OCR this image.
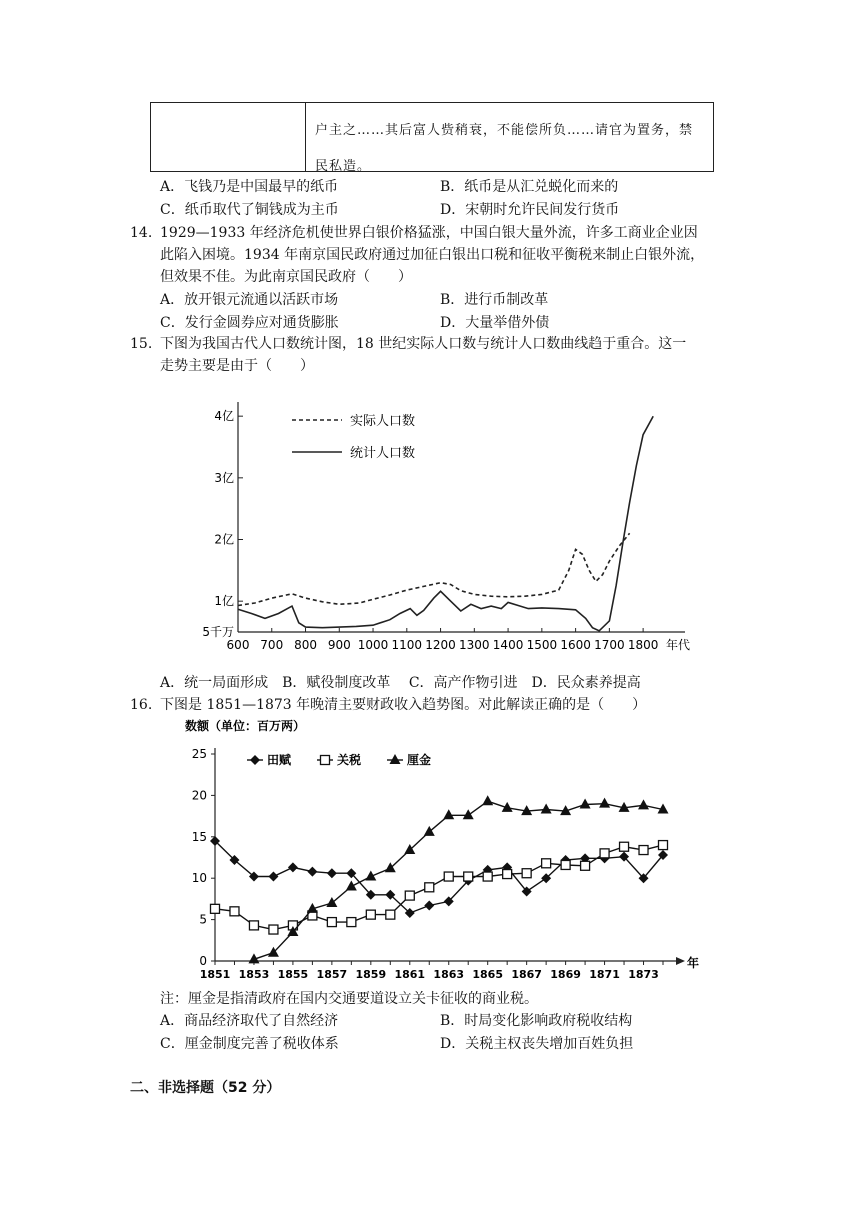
户主之……其后富人赀稍衰，不能偿所负……请官为置务，禁
民私造。
A．飞钱乃是中国最早的纸币	B．纸币是从汇兑蜕化而来的
C．纸币取代了铜钱成为主币	D．宋朝时允许民间发行货币
14. 1929—1933 年经济危机使世界白银价格猛涨，中国白银大量外流，许多工商业企业因
此陷入困境。1934 年南京国民政府通过加征白银出口税和征收平衡税来制止白银外流，
但效果不佳。为此南京国民政府（　　）
A．放开银元流通以活跃市场	B．进行币制改革
C．发行金圆券应对通货膨胀	D．大量举借外债
15. 下图为我国古代人口数统计图，18 世纪实际人口数与统计人口数曲线趋于重合。这一
走势主要是由于（　　）
5千万
1亿
2亿
3亿
4亿
600 700 800 900 1000 1100 1200 1300 1400 1500 1600 1700 1800 年代
实际人口数
统计人口数
A．统一局面形成　B．赋役制度改革　 C．高产作物引进　D．民众素养提高
16. 下图是 1851—1873 年晚清主要财政收入趋势图。对此解读正确的是（　　）
数额（单位：百万两）
0
5
10
15
20
25
1851 1853 1855 1857 1859 1861 1863 1865 1867 1869 1871 1873
年
田赋	关税	厘金
注：厘金是指清政府在国内交通要道设立关卡征收的商业税。
A．商品经济取代了自然经济	B．时局变化影响政府税收结构
C．厘金制度完善了税收体系	D．关税主权丧失增加百姓负担
二、非选择题（52 分）
